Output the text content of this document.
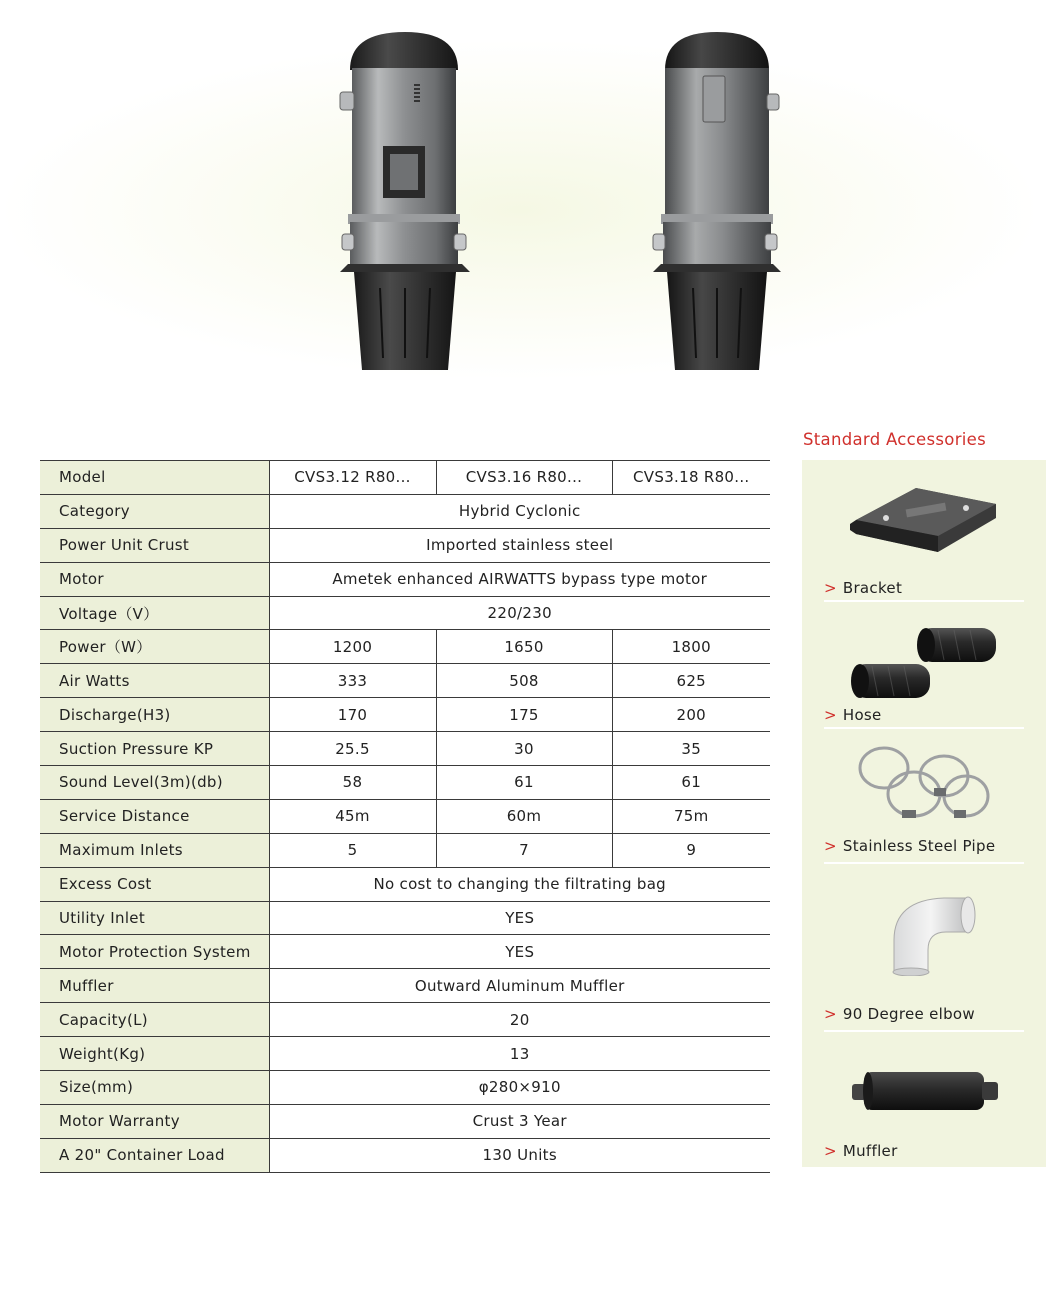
Model	CVS3.12 R80...	CVS3.16 R80...	CVS3.18 R80...
Category	Hybrid Cyclonic		
Power Unit Crust	Imported stainless steel		
Motor	Ametek enhanced AIRWATTS bypass type motor		
Voltage（V）	220/230		
Power（W）	1200	1650	1800
Air Watts	333	508	625
Discharge(H3)	170	175	200
Suction Pressure KP	25.5	30	35
Sound Level(3m)(db)	58	61	61
Service Distance	45m	60m	75m
Maximum Inlets	5	7	9
Excess Cost	No cost to changing the filtrating bag		
Utility Inlet	YES		
Motor Protection System	YES		
Muffler	Outward Aluminum Muffler		
Capacity(L)	20		
Weight(Kg)	13		
Size(mm)	φ280×910		
Motor Warranty	Crust 3 Year		
A 20" Container Load	130 Units		
Standard Accessories
> Bracket
> Hose
> Stainless Steel Pipe
> 90 Degree elbow
> Muffler
